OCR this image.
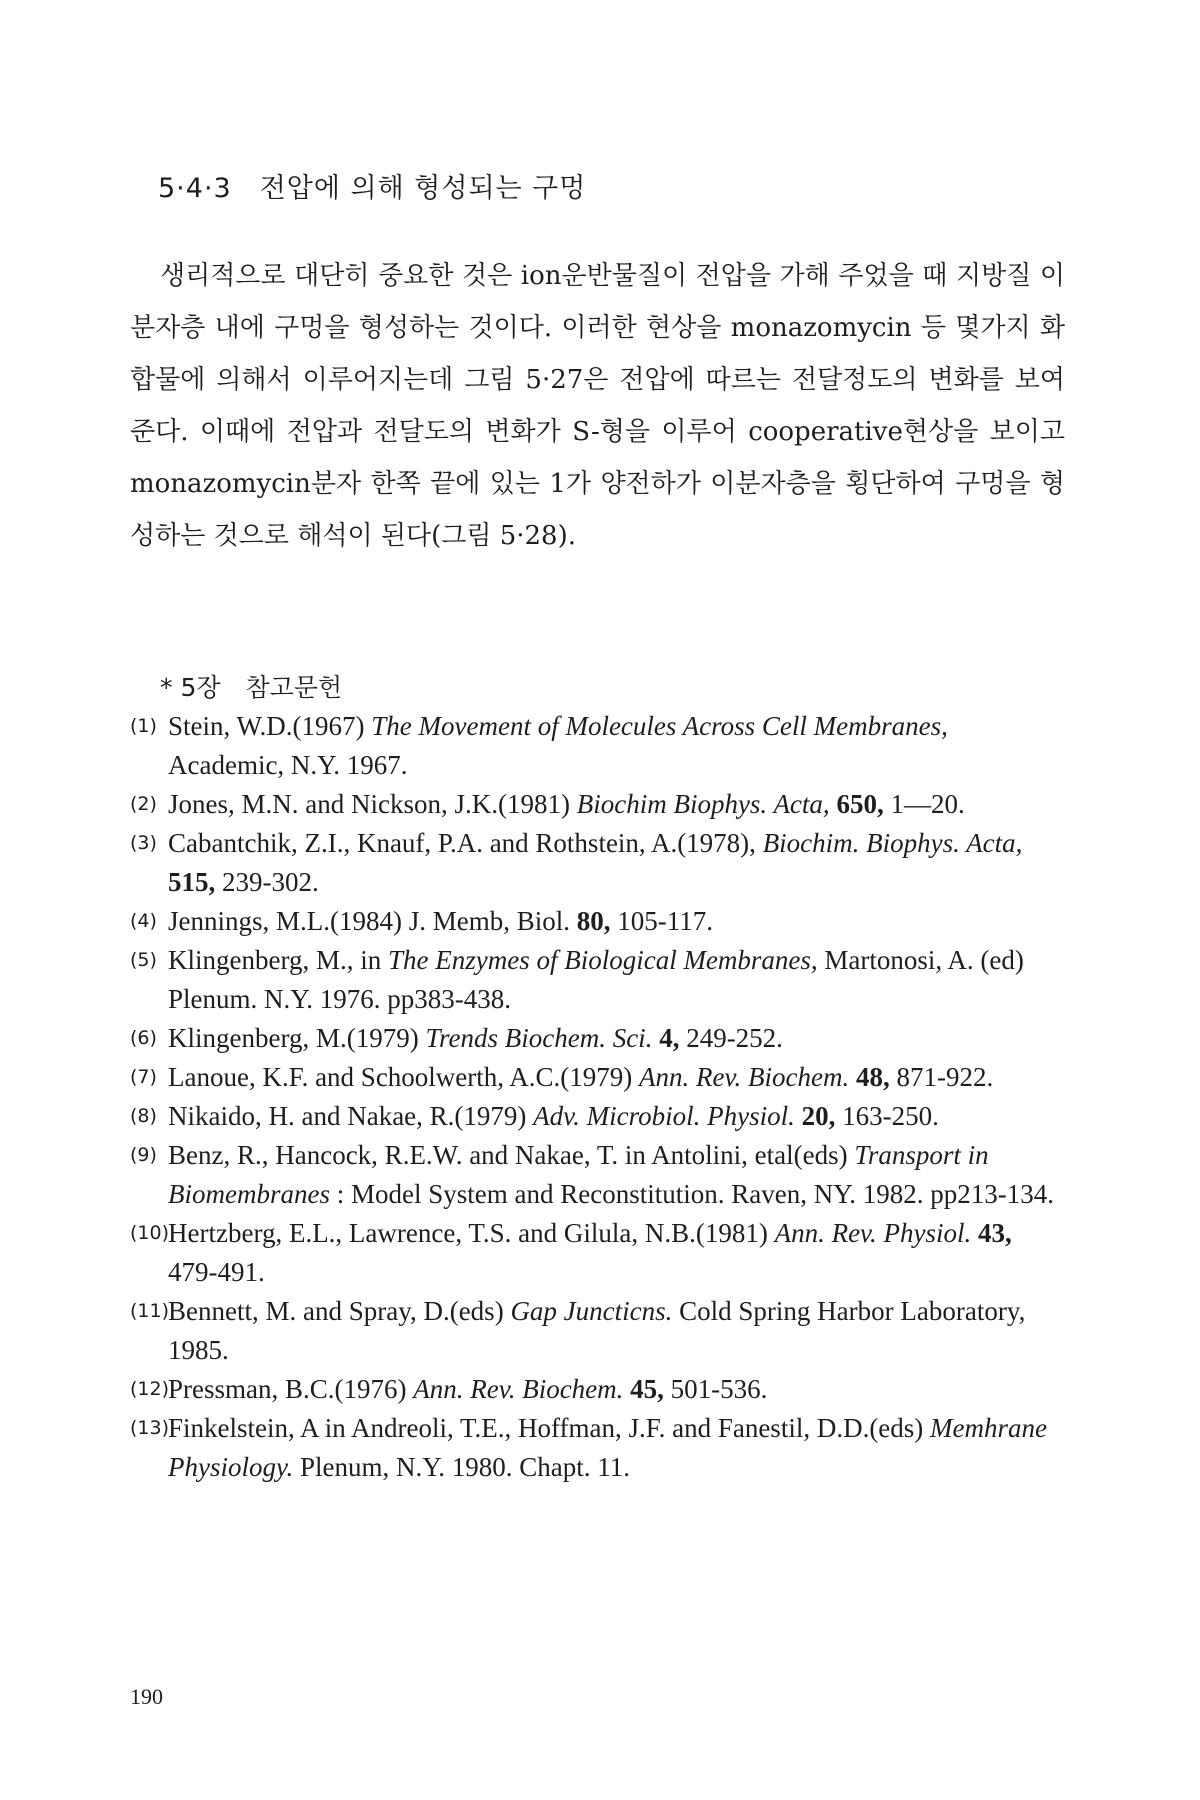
5·4·3　전압에 의해 형성되는 구멍

생리적으로 대단히 중요한 것은 ion운반물질이 전압을 가해 주었을 때 지방질 이분자층 내에 구멍을 형성하는 것이다. 이러한 현상을 monazomycin 등 몇가지 화합물에 의해서 이루어지는데 그림 5·27은 전압에 따르는 전달정도의 변화를 보여준다. 이때에 전압과 전달도의 변화가 S-형을 이루어 cooperative현상을 보이고 monazomycin분자 한쪽 끝에 있는 1가 양전하가 이분자층을 횡단하여 구멍을 형성하는 것으로 해석이 된다(그림 5·28).

* 5장　참고문헌
(1) Stein, W.D.(1967) The Movement of Molecules Across Cell Membranes, Academic, N.Y. 1967.
(2) Jones, M.N. and Nickson, J.K.(1981) Biochim Biophys. Acta, 650, 1—20.
(3) Cabantchik, Z.I., Knauf, P.A. and Rothstein, A.(1978), Biochim. Biophys. Acta, 515, 239-302.
(4) Jennings, M.L.(1984) J. Memb, Biol. 80, 105-117.
(5) Klingenberg, M., in The Enzymes of Biological Membranes, Martonosi, A. (ed) Plenum. N.Y. 1976. pp383-438.
(6) Klingenberg, M.(1979) Trends Biochem. Sci. 4, 249-252.
(7) Lanoue, K.F. and Schoolwerth, A.C.(1979) Ann. Rev. Biochem. 48, 871-922.
(8) Nikaido, H. and Nakae, R.(1979) Adv. Microbiol. Physiol. 20, 163-250.
(9) Benz, R., Hancock, R.E.W. and Nakae, T. in Antolini, etal(eds) Transport in Biomembranes : Model System and Reconstitution. Raven, NY. 1982. pp213-134.
(10)
Hertzberg, E.L., Lawrence, T.S. and Gilula, N.B.(1981) Ann. Rev. Physiol. 43, 479-491.
(11)
Bennett, M. and Spray, D.(eds) Gap Juncticns. Cold Spring Harbor Laboratory, 1985.
(12)
Pressman, B.C.(1976) Ann. Rev. Biochem. 45, 501-536.
(13)
Finkelstein, A in Andreoli, T.E., Hoffman, J.F. and Fanestil, D.D.(eds) Memhrane Physiology. Plenum, N.Y. 1980. Chapt. 11.
190
